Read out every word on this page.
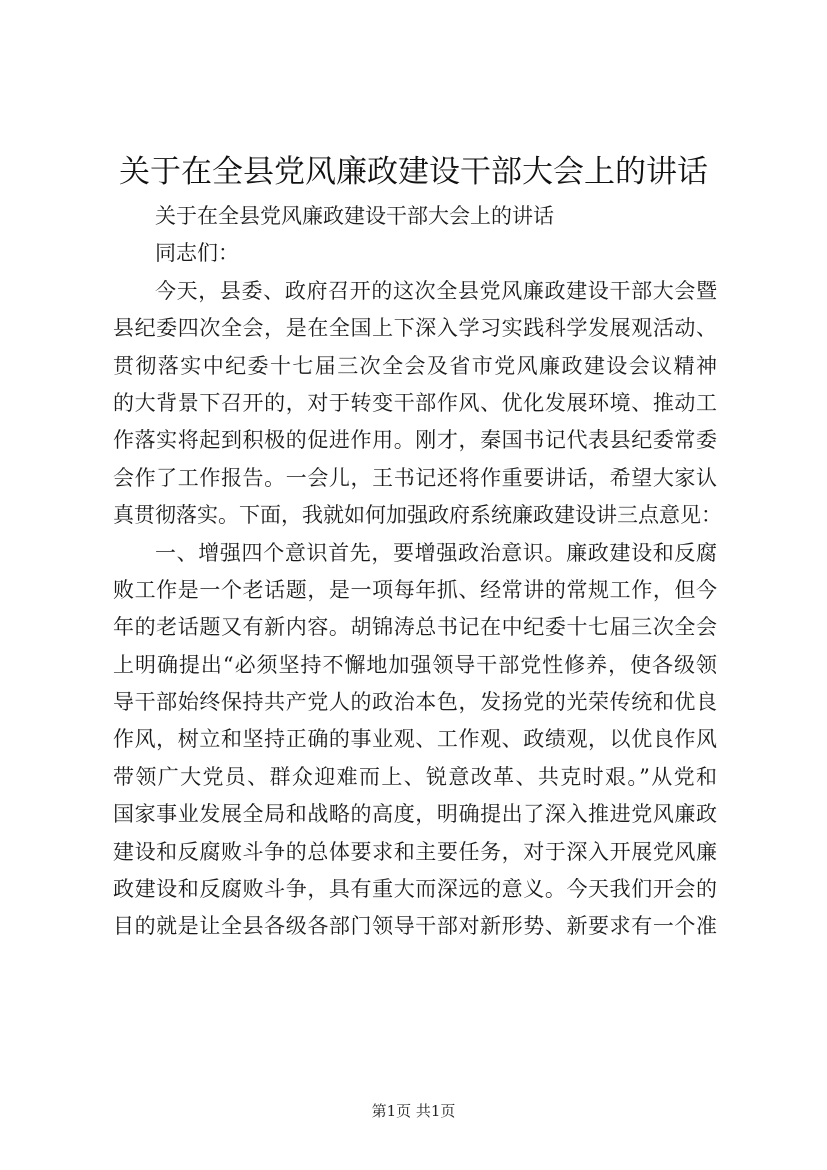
关于在全县党风廉政建设干部大会上的讲话
关于在全县党风廉政建设干部大会上的讲话
同志们：
今天，县委、政府召开的这次全县党风廉政建设干部大会暨
县纪委四次全会，是在全国上下深入学习实践科学发展观活动、
贯彻落实中纪委十七届三次全会及省市党风廉政建设会议精神
的大背景下召开的，对于转变干部作风、优化发展环境、推动工
作落实将起到积极的促进作用。刚才，秦国书记代表县纪委常委
会作了工作报告。一会儿，王书记还将作重要讲话，希望大家认
真贯彻落实。下面，我就如何加强政府系统廉政建设讲三点意见：
一、增强四个意识首先，要增强政治意识。廉政建设和反腐
败工作是一个老话题，是一项每年抓、经常讲的常规工作，但今
年的老话题又有新内容。胡锦涛总书记在中纪委十七届三次全会
上明确提出“必须坚持不懈地加强领导干部党性修养，使各级领
导干部始终保持共产党人的政治本色，发扬党的光荣传统和优良
作风，树立和坚持正确的事业观、工作观、政绩观，以优良作风
带领广大党员、群众迎难而上、锐意改革、共克时艰。”从党和
国家事业发展全局和战略的高度，明确提出了深入推进党风廉政
建设和反腐败斗争的总体要求和主要任务，对于深入开展党风廉
政建设和反腐败斗争，具有重大而深远的意义。今天我们开会的
目的就是让全县各级各部门领导干部对新形势、新要求有一个准
第1页 共1页
